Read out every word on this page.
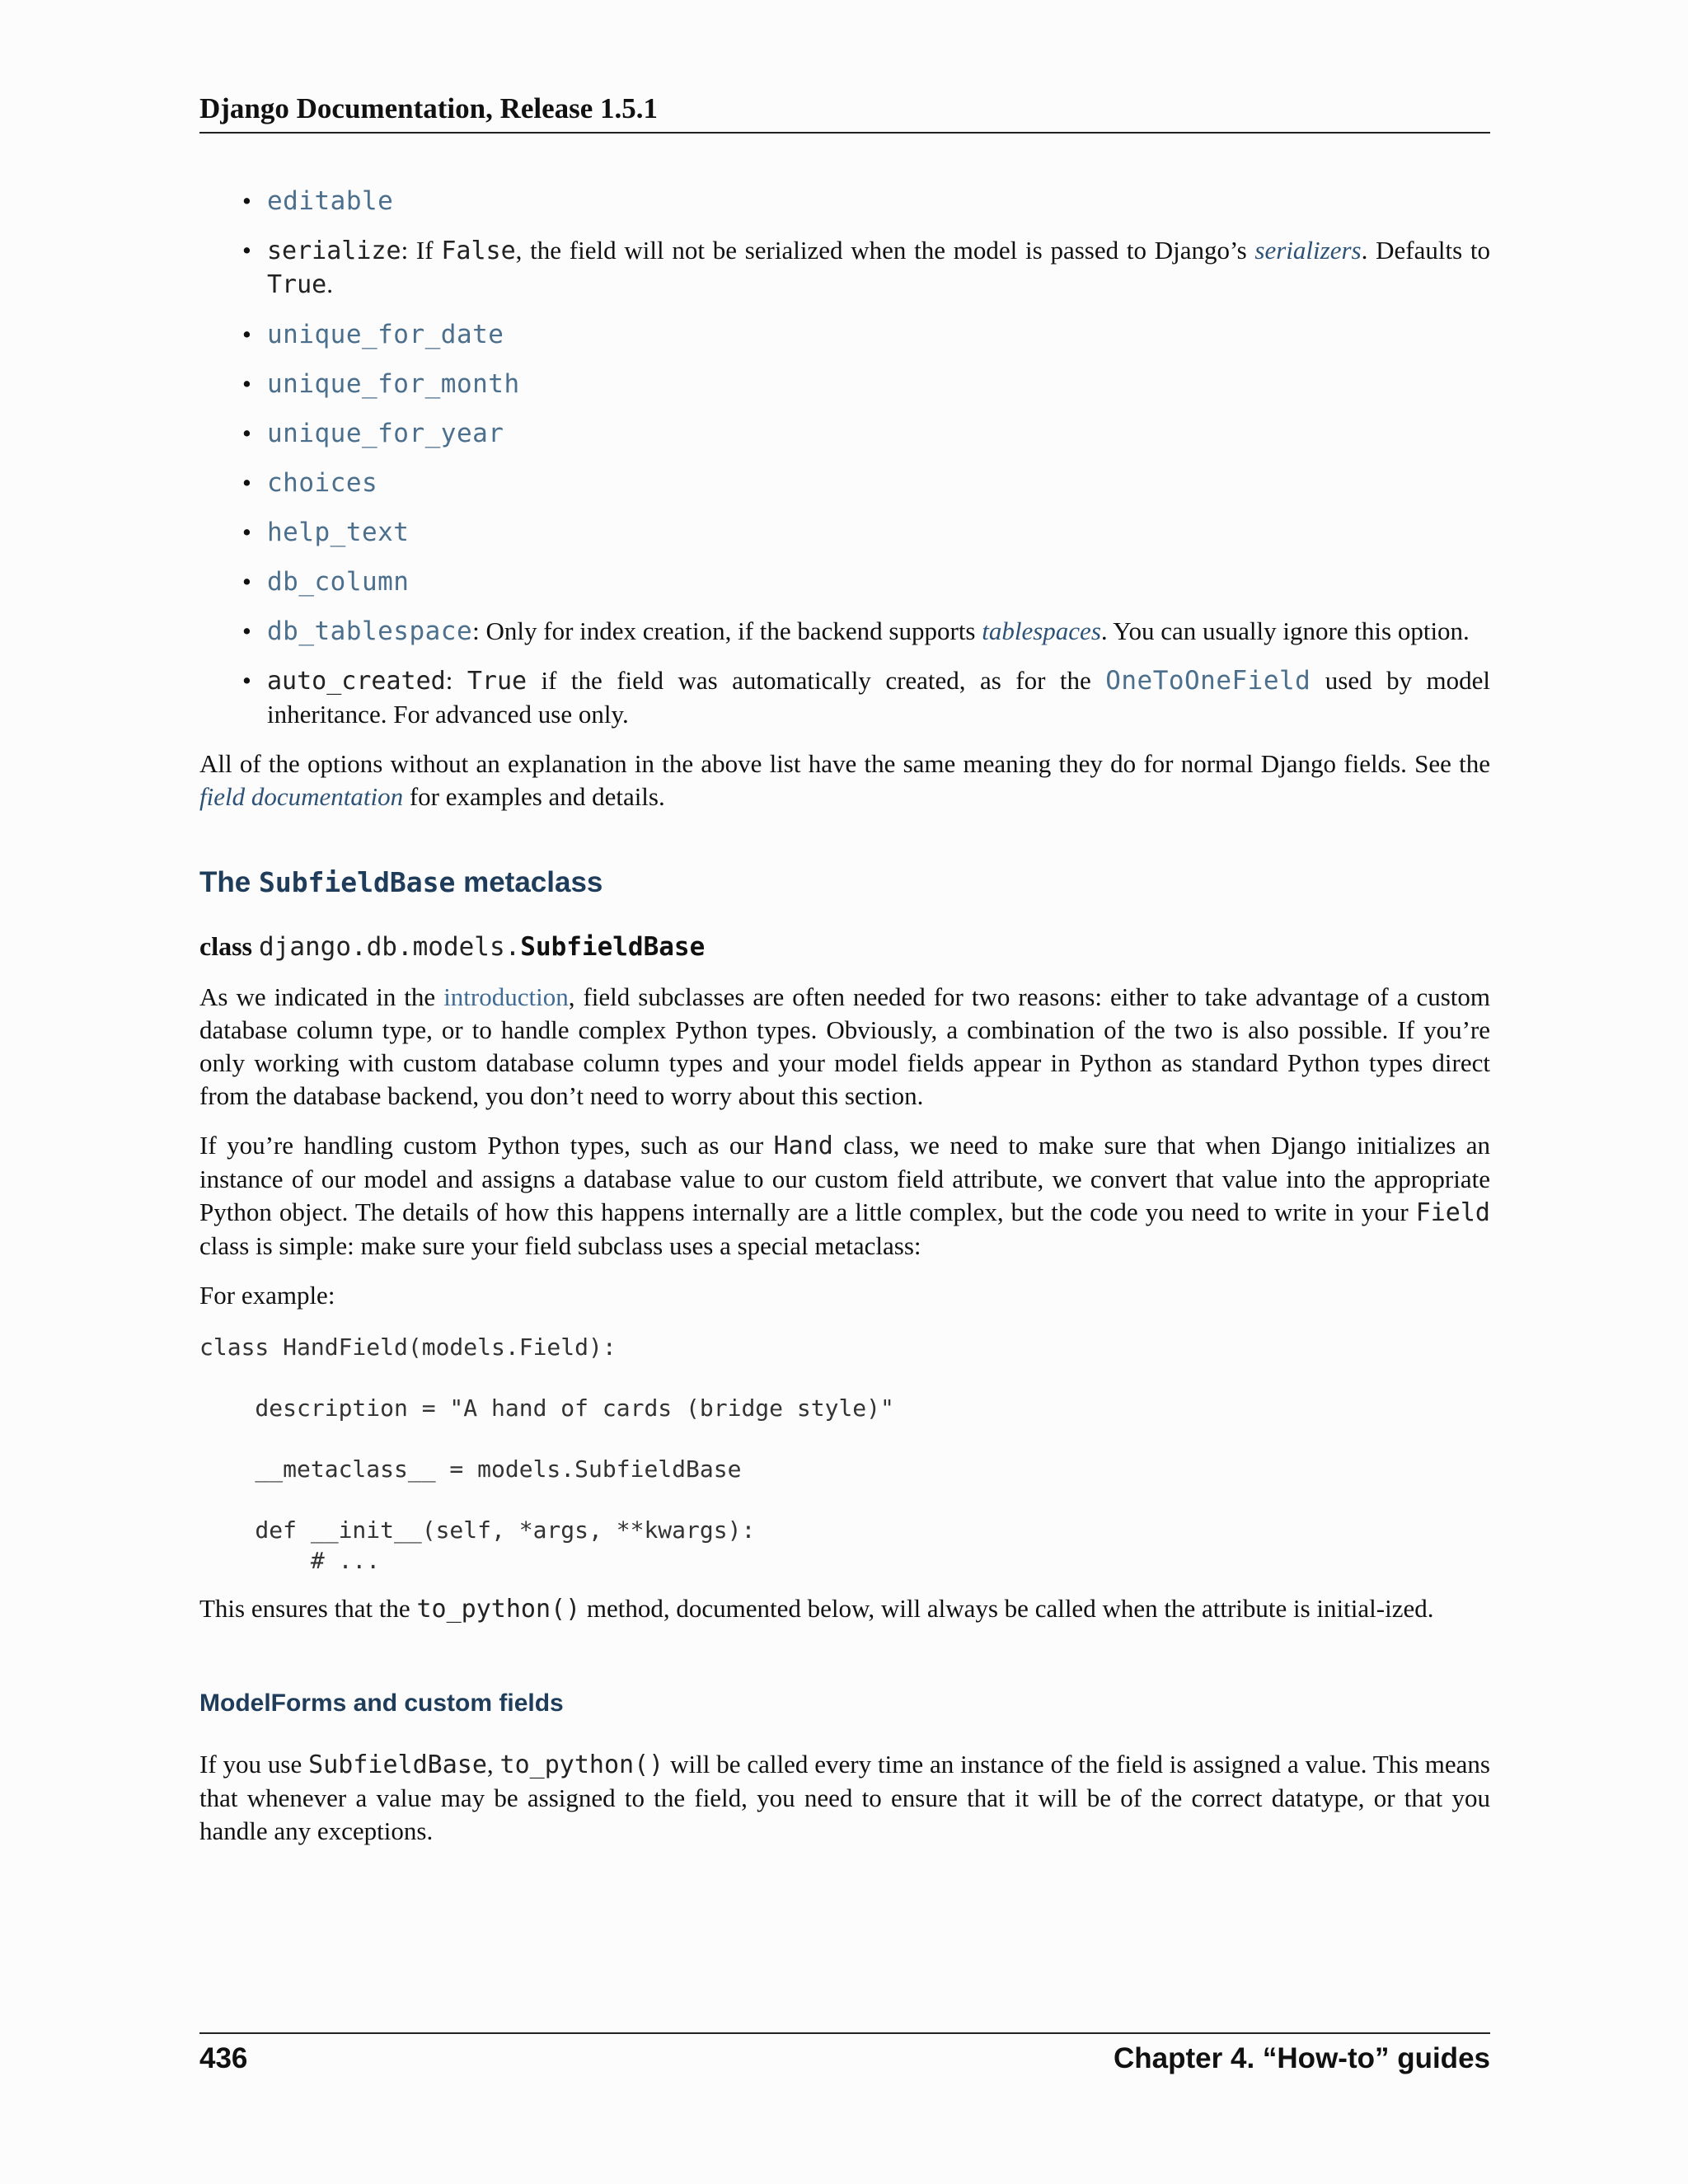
Django Documentation, Release 1.5.1
• editable
• serialize: If False, the field will not be serialized when the model is passed to Django’s serializers. Defaults to True.
• unique_for_date
• unique_for_month
• unique_for_year
• choices
• help_text
• db_column
• db_tablespace: Only for index creation, if the backend supports tablespaces. You can usually ignore this option.
• auto_created: True if the field was automatically created, as for the OneToOneField used by model inheritance. For advanced use only.

All of the options without an explanation in the above list have the same meaning they do for normal Django fields. See the field documentation for examples and details.

The SubfieldBase metaclass
class django.db.models.SubfieldBase

As we indicated in the introduction, field subclasses are often needed for two reasons: either to take advantage of a custom database column type, or to handle complex Python types. Obviously, a combination of the two is also possible. If you’re only working with custom database column types and your model fields appear in Python as standard Python types direct from the database backend, you don’t need to worry about this section.

If you’re handling custom Python types, such as our Hand class, we need to make sure that when Django initializes an instance of our model and assigns a database value to our custom field attribute, we convert that value into the appropriate Python object. The details of how this happens internally are a little complex, but the code you need to write in your Field class is simple: make sure your field subclass uses a special metaclass:

For example:

class HandField(models.Field):

description = "A hand of cards (bridge style)"

__metaclass__ = models.SubfieldBase

def __init__(self, *args, **kwargs):
# ...

This ensures that the to_python() method, documented below, will always be called when the attribute is initial-ized.

ModelForms and custom fields

If you use SubfieldBase, to_python() will be called every time an instance of the field is assigned a value. This means that whenever a value may be assigned to the field, you need to ensure that it will be of the correct datatype, or that you handle any exceptions.

436	Chapter 4. “How-to” guides
